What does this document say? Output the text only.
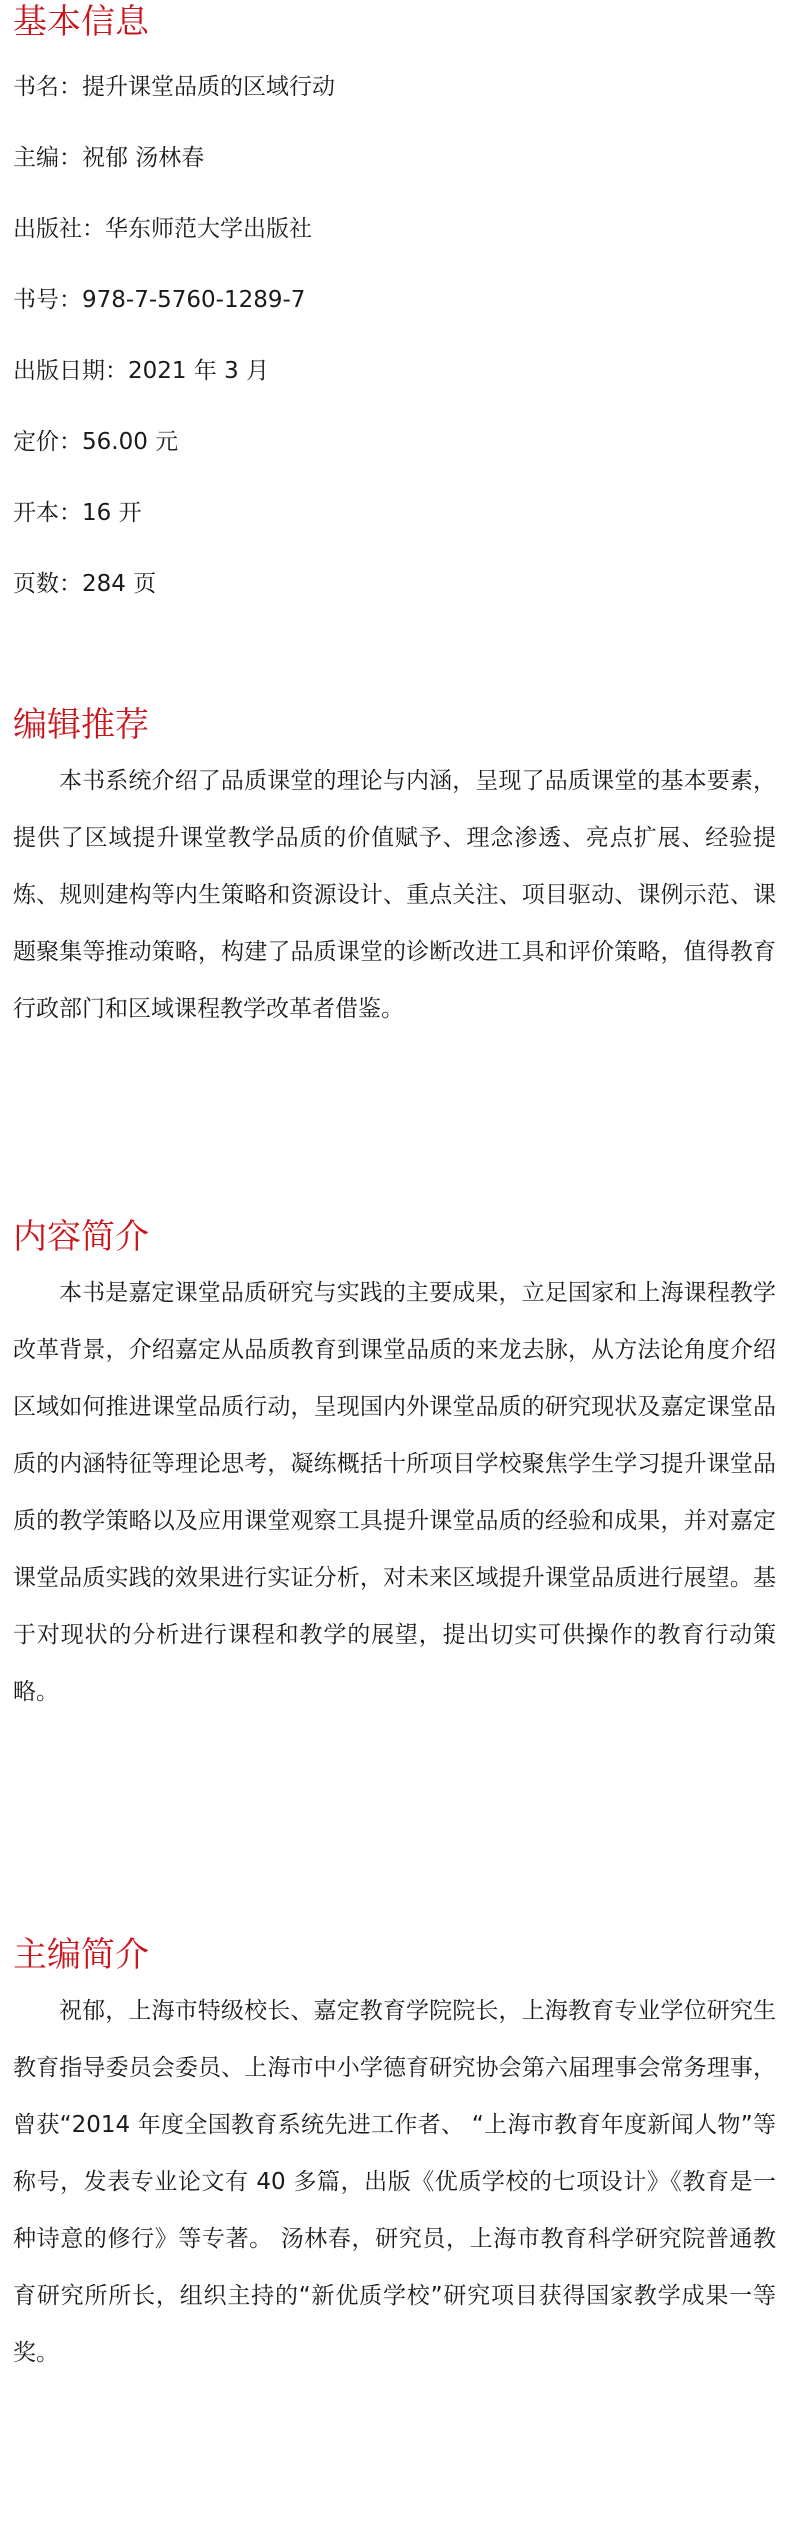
基本信息
书名：提升课堂品质的区域行动
主编：祝郁 汤林春
出版社：华东师范大学出版社
书号：978-7-5760-1289-7
出版日期：2021 年 3 月
定价：56.00 元
开本：16 开
页数：284 页
编辑推荐

本书系统介绍了品质课堂的理论与内涵，呈现了品质课堂的基本要素，提供了区域提升课堂教学品质的价值赋予、理念渗透、亮点扩展、经验提炼、规则建构等内生策略和资源设计、重点关注、项目驱动、课例示范、课题聚集等推动策略，构建了品质课堂的诊断改进工具和评价策略，值得教育行政部门和区域课程教学改革者借鉴。

内容简介

本书是嘉定课堂品质研究与实践的主要成果，立足国家和上海课程教学改革背景，介绍嘉定从品质教育到课堂品质的来龙去脉，从方法论角度介绍区域如何推进课堂品质行动，呈现国内外课堂品质的研究现状及嘉定课堂品质的内涵特征等理论思考，凝练概括十所项目学校聚焦学生学习提升课堂品质的教学策略以及应用课堂观察工具提升课堂品质的经验和成果，并对嘉定课堂品质实践的效果进行实证分析，对未来区域提升课堂品质进行展望。基于对现状的分析进行课程和教学的展望，提出切实可供操作的教育行动策略。

主编简介

祝郁，上海市特级校长、嘉定教育学院院长，上海教育专业学位研究生教育指导委员会委员、上海市中小学德育研究协会第六届理事会常务理事，曾获“2014 年度全国教育系统先进工作者、 “上海市教育年度新闻人物”等称号，发表专业论文有 40 多篇，出版《优质学校的七项设计》《教育是一种诗意的修行》等专著。 汤林春，研究员，上海市教育科学研究院普通教育研究所所长，组织主持的“新优质学校”研究项目获得国家教学成果一等奖。
